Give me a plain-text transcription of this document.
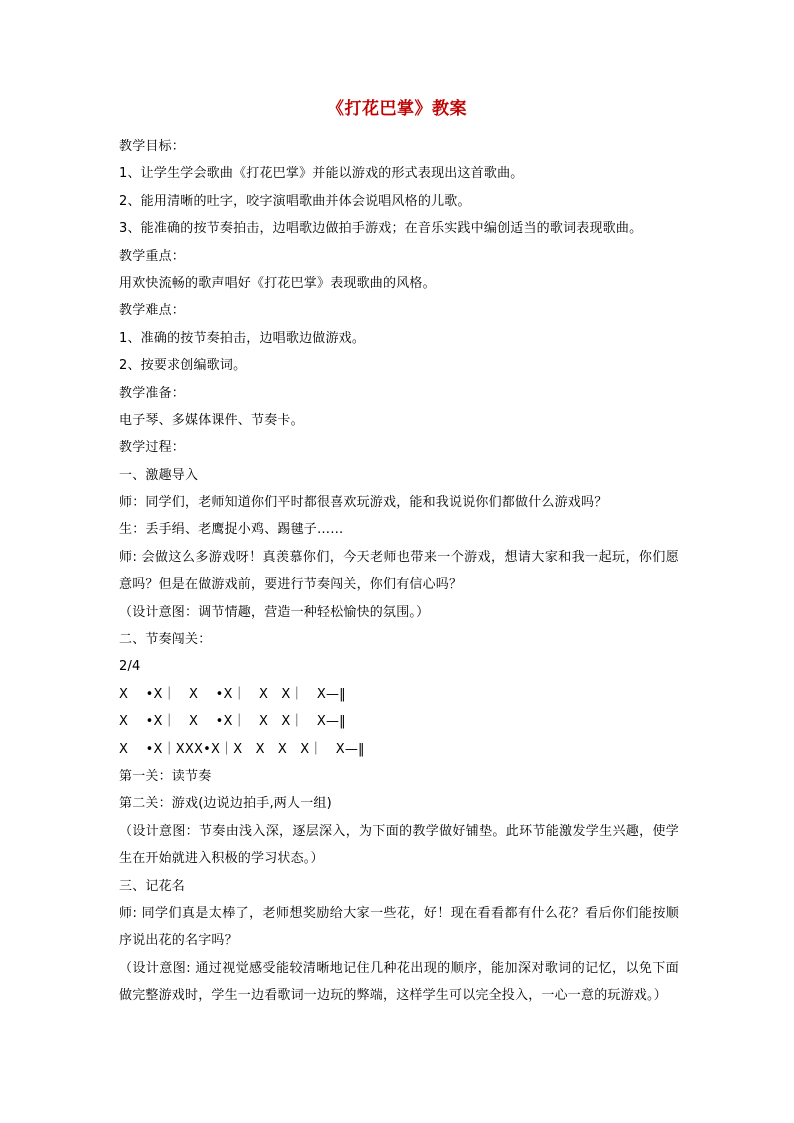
《打花巴掌》教案
教学目标：
1、让学生学会歌曲《打花巴掌》并能以游戏的形式表现出这首歌曲。
2、能用清晰的吐字，咬字演唱歌曲并体会说唱风格的儿歌。
3、能准确的按节奏拍击，边唱歌边做拍手游戏；在音乐实践中编创适当的歌词表现歌曲。
教学重点：
用欢快流畅的歌声唱好《打花巴掌》表现歌曲的风格。
教学难点：
1、准确的按节奏拍击，边唱歌边做游戏。
2、按要求创编歌词。
教学准备：
电子琴、多媒体课件、节奏卡。
教学过程：
一、激趣导入
师：同学们，老师知道你们平时都很喜欢玩游戏，能和我说说你们都做什么游戏吗？
生：丢手绢、老鹰捉小鸡、踢毽子……
师: 会做这么多游戏呀！真羡慕你们，今天老师也带来一个游戏，想请大家和我一起玩，你们愿意吗？但是在做游戏前，要进行节奏闯关，你们有信心吗？
（设计意图：调节情趣，营造一种轻松愉快的氛围。）
二、节奏闯关：
2/4
X　 •X｜　X　 •X｜　X　X｜　X—‖
X　 •X｜　X　 •X｜　X　X｜　X—‖
X　 •X｜XXX•X｜X　X　X　X｜　X—‖
第一关：读节奏
第二关：游戏(边说边拍手,两人一组)
（设计意图：节奏由浅入深，逐层深入，为下面的教学做好铺垫。此环节能激发学生兴趣，使学生在开始就进入积极的学习状态。）
三、记花名
师: 同学们真是太棒了，老师想奖励给大家一些花，好！现在看看都有什么花？看后你们能按顺序说出花的名字吗？
（设计意图: 通过视觉感受能较清晰地记住几种花出现的顺序，能加深对歌词的记忆，以免下面做完整游戏时，学生一边看歌词一边玩的弊端，这样学生可以完全投入，一心一意的玩游戏。）
